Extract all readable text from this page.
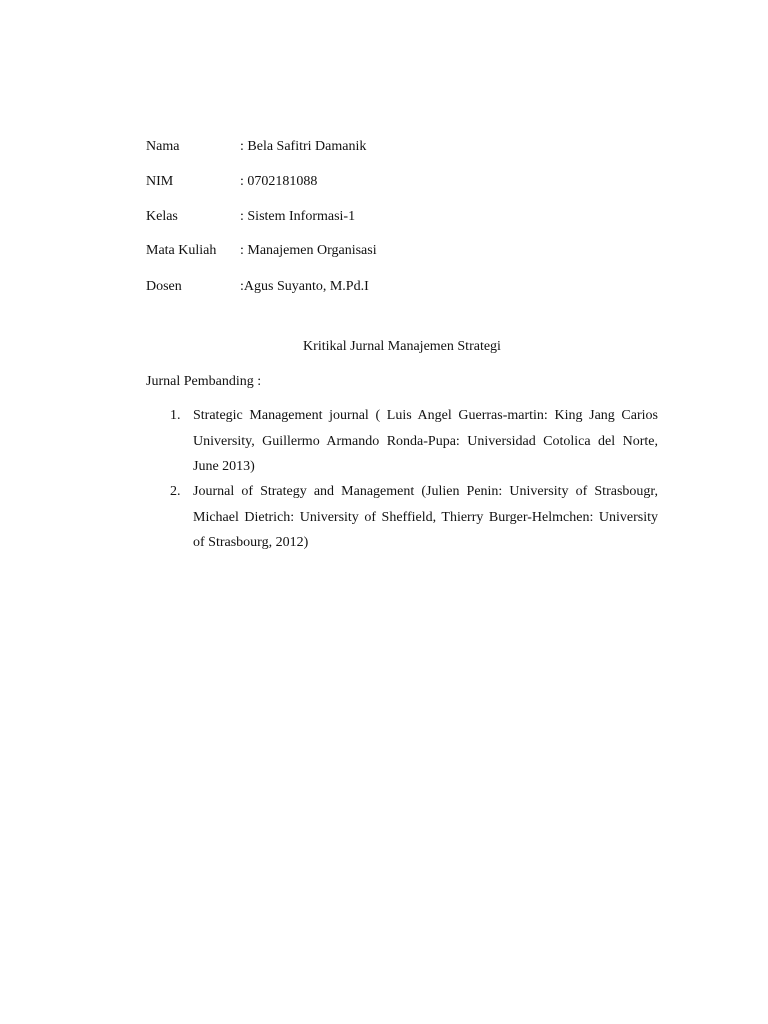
Nama	: Bela Safitri Damanik
NIM	: 0702181088
Kelas	: Sistem Informasi-1
Mata Kuliah : Manajemen Organisasi
Dosen	:Agus Suyanto, M.Pd.I
Kritikal Jurnal Manajemen Strategi
Jurnal Pembanding :
1. Strategic Management journal ( Luis Angel Guerras-martin: King Jang Carios University, Guillermo Armando Ronda-Pupa: Universidad Cotolica del Norte, June 2013)
2. Journal of Strategy and Management (Julien Penin: University of Strasbougr, Michael Dietrich: University of Sheffield, Thierry Burger-Helmchen: University of Strasbourg, 2012)
